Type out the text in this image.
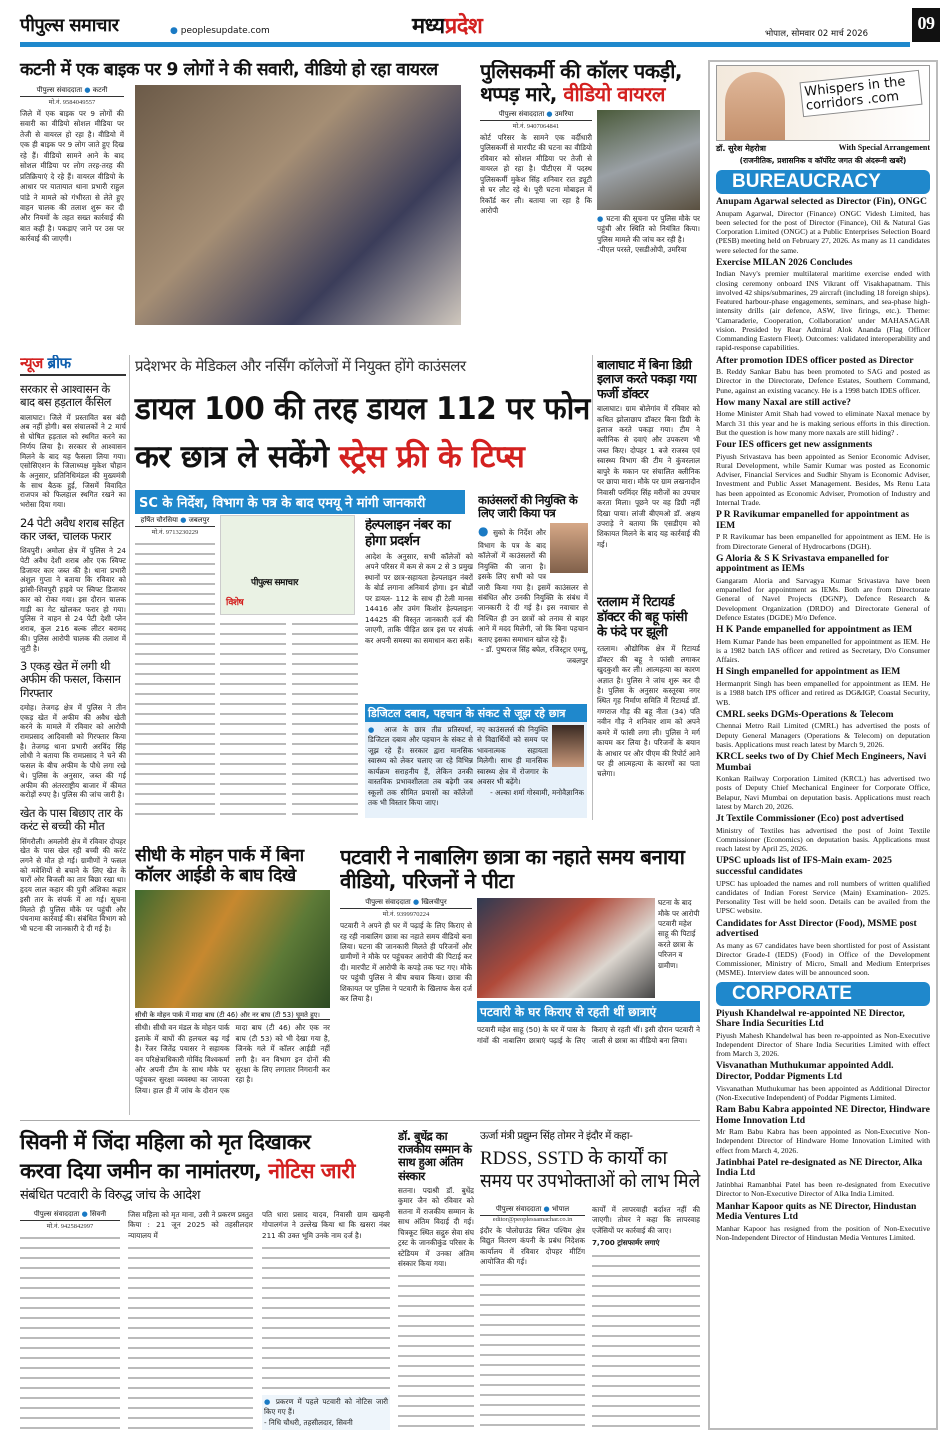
पीपुल्स समाचार	● peoplesupdate.com	मध्यप्रदेश	भोपाल, सोमवार 02 मार्च 2026
09
कटनी में एक बाइक पर 9 लोगों ने की सवारी, वीडियो हो रहा वायरल
पीपुल्स संवाददाता ● कटनी
मो.नं. 9584049557
जिले में एक बाइक पर 9 लोगों की सवारी का वीडियो सोशल मीडिया पर तेजी से वायरल हो रहा है। वीडियो में एक ही बाइक पर 9 लोग जाते हुए दिख रहे हैं। वीडियो सामने आने के बाद सोशल मीडिया पर लोग तरह-तरह की प्रतिक्रियाएं दे रहे हैं। वायरल वीडियो के आधार पर यातायात थाना प्रभारी राहुल पांडे ने मामले को गंभीरता से लेते हुए वाहन चालक की तलाश शुरू कर दी और नियमों के तहत सख्त कार्रवाई की बात कही है। पकड़ाए जाने पर उस पर कार्रवाई की जाएगी।
पुलिसकर्मी की कॉलर पकड़ी, थप्पड़ मारे, वीडियो वायरल
पीपुल्स संवाददाता ● उमरिया
मो.नं. 9407064841
कोर्ट परिसर के सामने एक वर्दीधारी पुलिसकर्मी से मारपीट की घटना का वीडियो रविवार को सोशल मीडिया पर तेजी से वायरल हो रहा है। पीटीएस में पदस्थ पुलिसकर्मी मुकेश सिंह शनिवार रात ड्यूटी से घर लौट रहे थे। पूरी घटना मोबाइल में रिकॉर्ड कर ली। बताया जा रहा है कि आरोपी
● घटना की सूचना पर पुलिस मौके पर पहुंची और स्थिति को नियंत्रित किया। पुलिस मामले की जांच कर रही है।
-पीएल परस्ते, एसडीओपी, उमरिया
Whispers in the corridors .com
डॉ. सुरेश मेहरोत्रा	With Special Arrangement
(राजनीतिक, प्रशासनिक व कॉर्पोरेट जगत की अंदरूनी खबरें)
BUREAUCRACY
Anupam Agarwal selected as Director (Fin), ONGC

Anupam Agarwal, Director (Finance) ONGC Videsh Limited, has been selected for the post of Director (Finance), Oil & Natural Gas Corporation Limited (ONGC) at a Public Enterprises Selection Board (PESB) meeting held on February 27, 2026. As many as 11 candidates were selected for the same.

Exercise MILAN 2026 Concludes

Indian Navy's premier multilateral maritime exercise ended with closing ceremony onboard INS Vikrant off Visakhapatnam. This involved 42 ships/submarines, 29 aircraft (including 18 foreign ships). Featured harbour-phase engagements, seminars, and sea-phase high-intensity drills (air defence, ASW, live firings, etc.). Theme: 'Camaraderie, Cooperation, Collaboration' under MAHASAGAR vision. Presided by Rear Admiral Alok Ananda (Flag Officer Commanding Eastern Fleet). Outcomes: validated interoperability and rapid-response capabilities.

After promotion IDES officer posted as Director

B. Reddy Sankar Babu has been promoted to SAG and posted as Director in the Directorate, Defence Estates, Southern Command, Pune, against an existing vacancy. He is a 1998 batch IDES officer.

How many Naxal are still active?

Home Minister Amit Shah had vowed to eliminate Naxal menace by March 31 this year and he is making serious efforts in this direction. But the question is how many more naxals are still hiding? .

Four IES officers get new assignments

Piyush Srivastava has been appointed as Senior Economic Adviser, Rural Development, while Samir Kumar was posted as Economic Adviser, Financial Services and Sudhir Shyam is Economic Adviser, Investment and Public Asset Management. Besides, Ms Renu Lata has been appointed as Economic Adviser, Promotion of Industry and Internal Trade.

P R Ravikumar empanelled for appointment as IEM

P R Ravikumar has been empanelled for appointment as IEM. He is from Directorate General of Hydrocarbons (DGH).

G Aloria & S K Srivastava empanelled for appointment as IEMs

Gangaram Aloria and Sarvagya Kumar Srivastava have been empanelled for appointment as IEMs. Both are from Directorate General of Navel Projects (DGNP), Defence Research & Development Organization (DRDO) and Directorate General of Defence Estates (DGDE) M/o Defence.

H K Pande empanelled for appointment as IEM

Hem Kumar Pande has been empanelled for appointment as IEM. He is a 1982 batch IAS officer and retired as Secretary, D/o Consumer Affairs.

H Singh empanelled for appointment as IEM

Hermanprit Singh has been empanelled for appointment as IEM. He is a 1988 batch IPS officer and retired as DG&IGP, Coastal Security, WB.

CMRL seeks DGMs-Operations & Telecom

Chennai Metro Rail Limited (CMRL) has advertised the posts of Deputy General Managers (Operations & Telecom) on deputation basis. Applications must reach latest by March 9, 2026.

KRCL seeks two of Dy Chief Mech Engineers, Navi Mumbai

Konkan Railway Corporation Limited (KRCL) has advertised two posts of Deputy Chief Mechanical Engineer for Corporate Office, Belapur, Navi Mumbai on deputation basis. Applications must reach latest by March 20, 2026.

Jt Textile Commissioner (Eco) post advertised

Ministry of Textiles has advertised the post of Joint Textile Commissioner (Economics) on deputation basis. Applications must reach latest by April 25, 2026.

UPSC uploads list of IFS-Main exam- 2025 successful candidates

UPSC has uploaded the names and roll numbers of written qualified candidates of Indian Forest Service (Main) Examination- 2025. Personality Test will be held soon. Details can be availed from the UPSC website.

Candidates for Asst Director (Food), MSME post advertised

As many as 67 candidates have been shortlisted for post of Assistant Director Grade-I (IEDS) (Food) in Office of the Development Commissioner, Ministry of Micro, Small and Medium Enterprises (MSME). Interview dates will be announced soon.

CORPORATE
Piyush Khandelwal re-appointed NE Director, Share India Securities Ltd

Piyush Mahesh Khandelwal has been re-appointed as Non-Executive Independent Director of Share India Securities Limited with effect from March 3, 2026.

Visvanathan Muthukumar appointed Addl. Director, Poddar Pigments Ltd

Visvanathan Muthukumar has been appointed as Additional Director (Non-Executive Independent) of Poddar Pigments Limited.

Ram Babu Kabra appointed NE Director, Hindware Home Innovation Ltd

Mr Ram Babu Kabra has been appointed as Non-Executive Non-Independent Director of Hindware Home Innovation Limited with effect from March 4, 2026.

Jatinbhai Patel re-designated as NE Director, Alka India Ltd

Jatinbhai Ramanbhai Patel has been re-designated from Executive Director to Non-Executive Director of Alka India Limited.

Manhar Kapoor quits as NE Director, Hindustan Media Ventures Ltd

Manhar Kapoor has resigned from the position of Non-Executive Non-Independent Director of Hindustan Media Ventures Limited.

न्यूज ब्रीफ
सरकार से आश्वासन के बाद बस हड़ताल कैंसिल
बालाघाट। जिले में प्रस्तावित बस बंदी अब नहीं होगी। बस संचालकों ने 2 मार्च से घोषित हड़ताल को स्थगित करने का निर्णय लिया है। सरकार से आश्वासन मिलने के बाद यह फैसला लिया गया। एसोसिएशन के जिलाध्यक्ष मुकेश चौहान के अनुसार, प्रतिनिधिमंडल की मुख्यमंत्री के साथ बैठक हुई, जिसमें विवादित राजपत्र को फिलहाल स्थगित रखने का भरोसा दिया गया।
24 पेटी अवैध शराब सहित कार जब्त, चालक फरार
शिवपुरी। अमोला क्षेत्र में पुलिस ने 24 पेटी अवैध देशी शराब और एक स्विफ्ट डिजायर कार जब्त की है। थाना प्रभारी अंशुल गुप्ता ने बताया कि रविवार को झांसी-शिवपुरी हाइवे पर स्विफ्ट डिजायर कार को रोका गया। इस दौरान चालक गाड़ी का गेट खोलकर फरार हो गया। पुलिस ने वाहन से 24 पेटी देशी प्लेन शराब, कुल 216 बल्क लीटर बरामद की। पुलिस आरोपी चालक की तलाश में जुटी है।
3 एकड़ खेत में लगी थी अफीम की फसल, किसान गिरफ्तार
दमोह। तेजगढ़ क्षेत्र में पुलिस ने तीन एकड़ खेत में अफीम की अवैध खेती करने के मामले में रविवार को आरोपी रामप्रसाद आदिवासी को गिरफ्तार किया है। तेजगढ़ थाना प्रभारी अरविंद सिंह लोधी ने बताया कि रामप्रसाद ने चने की फसल के बीच अफीम के पौधे लगा रखे थे। पुलिस के अनुसार, जब्त की गई अफीम की अंतरराष्ट्रीय बाजार में कीमत करोड़ों रुपए है। पुलिस की जांच जारी है।
खेत के पास बिछाए तार के करंट से बच्ची की मौत
सिंगरौली। अमलोरी क्षेत्र में रविवार दोपहर खेत के पास खेल रही बच्ची की करंट लगने से मौत हो गई। ग्रामीणों ने फसल को मवेशियों से बचाने के लिए खेत के चारों ओर बिजली का तार बिछा रखा था। हृदय लाल कहार की पुत्री अंशिका कहार इसी तार के संपर्क में आ गई। सूचना मिलते ही पुलिस मौके पर पहुंची और पंचनामा कार्रवाई की। संबंधित विभाग को भी घटना की जानकारी दे दी गई है।
प्रदेशभर के मेडिकल और नर्सिंग कॉलेजों में नियुक्त होंगे काउंसलर
डायल 100 की तरह डायल 112 पर फोन
कर छात्र ले सकेंगे स्ट्रेस फ्री के टिप्स
SC के निर्देश, विभाग के पत्र के बाद एमयू ने मांगी जानकारी
हर्षित चौरसिया ● जबलपुर
मो.नं. 9713230229
पीपुल्स समाचार
विशेष
हेल्पलाइन नंबर का होगा प्रदर्शन
आदेश के अनुसार, सभी कॉलेजों को अपने परिसर में कम से कम 2 से 3 प्रमुख स्थानों पर छात्र-सहायता हेल्पलाइन नंबरों के बोर्ड लगाना अनिवार्य होगा। इन बोर्डों पर डायल- 112 के साथ ही टेली मानस 14416 और उमंग किशोर हेल्पलाइनः 14425 की विस्तृत जानकारी दर्ज की जाएगी, ताकि पीड़ित छात्र इस पर संपर्क कर अपनी समस्या का समाधान करा सकें।
काउंसलरों की नियुक्ति के लिए जारी किया पत्र
● सुको के निर्देश और विभाग के पत्र के बाद कॉलेजों में काउंसलरों की नियुक्ति की जाना है। इसके लिए सभी को पत्र जारी किया गया है। इसमें काउंसलर से संबंधित और उनकी नियुक्ति के संबंध में जानकारी दे दी गई है। इस नवाचार से निश्चित ही उन छात्रों को तनाव से बाहर आने में मदद मिलेगी, जो कि बिना पहचान बताए इसका समाधान खोज रहे हैं।
- डॉ. पुष्पराज सिंह बघेल, रजिस्ट्रार एमयू, जबलपुर
डिजिटल दबाव, पहचान के संकट से जूझ रहे छात्र
● आज के छात्र तीव्र प्रतिस्पर्धा, डिजिटल दबाव और पहचान के संकट से जूझ रहे हैं। सरकार द्वारा मानसिक स्वास्थ्य को लेकर चलाए जा रहे विभिन्न कार्यक्रम सराहनीय हैं, लेकिन उनकी वास्तविक प्रभावशीलता तब बढ़ेगी जब स्कूलों तक सीमित प्रयासों का कॉलेजों तक भी विस्तार किया जाए।
नए काउंसलर्स की नियुक्ति से विद्यार्थियों को समय पर भावनात्मक सहायता मिलेगी। साथ ही मानसिक स्वास्थ्य क्षेत्र में रोजगार के अवसर भी बढ़ेंगे।
- अल्का शर्मा गोस्वामी, मनोवैज्ञानिक
बालाघाट में बिना डिग्री इलाज करते पकड़ा गया फर्जी डॉक्टर
बालाघाट। ग्राम बोलेगांव में रविवार को कथित झोलाछाप डॉक्टर बिना डिग्री के इलाज करते पकड़ा गया। टीम ने क्लीनिक से दवाएं और उपकरण भी जब्त किए। दोपहर 1 बजे राजस्व एवं स्वास्थ्य विभाग की टीम ने कुंवरलाल बापुरे के मकान पर संचालित क्लीनिक पर छापा मारा। मौके पर ग्राम लखनादौन निवासी परमिंदर सिंह मरीजों का उपचार करता मिला। पूछने पर वह डिग्री नहीं दिखा पाया। लांजी बीएमओ डॉ. अक्षय उपराड़े ने बताया कि एसडीएम को शिकायत मिलने के बाद यह कार्रवाई की गई।
रतलाम में रिटायर्ड डॉक्टर की बहू फांसी के फंदे पर झूली
रतलाम। औद्योगिक क्षेत्र में रिटायर्ड डॉक्टर की बहू ने फांसी लगाकर खुदकुशी कर ली। आत्महत्या का कारण अज्ञात है। पुलिस ने जांच शुरू कर दी है। पुलिस के अनुसार कस्तूरबा नगर स्थित गृह निर्माण समिति में रिटायर्ड डॉ. गणराज गौड़ की बहू नीता (34) पति नवीन गौड़ ने शनिवार शाम को अपने कमरे में फांसी लगा ली। पुलिस ने मर्ग कायम कर लिया है। परिजनों के बयान के आधार पर और पीएम की रिपोर्ट आने पर ही आत्महत्या के कारणों का पता चलेगा।
सीधी के मोहन पार्क में बिना कॉलर आईडी के बाघ दिखे
सीधी के मोहन पार्क में मादा बाघ (टी 46) और नर बाघ (टी 53) घूमते हुए।
सीधी। सीधी वन मंडल के मोहन पार्क इलाके में बाघों की हलचल बढ़ गई है। रेंजर जितेंद्र पयासर ने सहायक वन परिक्षेत्राधिकारी गोविंद विश्वकर्मा और अपनी टीम के साथ मौके पर पहुंचकर सुरक्षा व्यवस्था का जायजा लिया। हाल ही में जांच के दौरान एक मादा बाघ (टी 46) और एक नर बाघ (टी 53) को भी देखा गया है, जिनके गले में कॉलर आईडी नहीं लगी है। वन विभाग इन दोनों की सुरक्षा के लिए लगातार निगरानी कर रहा है।
पटवारी ने नाबालिग छात्रा का नहाते समय बनाया वीडियो, परिजनों ने पीटा
पीपुल्स संवाददाता ● खिलचीपुर
मो.नं. 9399970224
पटवारी ने अपने ही घर में पढ़ाई के लिए किराए से रह रही नाबालिग छात्रा का नहाते समय वीडियो बना लिया। घटना की जानकारी मिलते ही परिजनों और ग्रामीणों ने मौके पर पहुंचकर आरोपी की पिटाई कर दी। मारपीट में आरोपी के कपड़े तक फट गए। मौके पर पहुंची पुलिस ने बीच बचाव किया। छात्रा की शिकायत पर पुलिस ने पटवारी के खिलाफ केस दर्ज कर लिया है।
घटना के बाद मौके पर आरोपी पटवारी महेश साहू की पिटाई करते छात्रा के परिजन व ग्रामीण।
पटवारी के घर किराए से रहती थीं छात्राएं
पटवारी महेश साहू (50) के घर में पास के गांवों की नाबालिग छात्राएं पढ़ाई के लिए किराए से रहती थीं। इसी दौरान पटवारी ने जाली से छात्रा का वीडियो बना लिया।
सिवनी में जिंदा महिला को मृत दिखाकर
करवा दिया जमीन का नामांतरण, नोटिस जारी
संबंधित पटवारी के विरुद्ध जांच के आदेश
पीपुल्स संवाददाता ● सिवनी
मो.नं. 9425842997
जिस महिला को मृत माना, उसी ने प्रकरण प्रस्तुत किया : 21 जून 2025 को तहसीलदार न्यायालय में
पति धारा प्रसाद यादव, निवासी ग्राम खम्हनी गोपालगंज ने उल्लेख किया था कि खसरा नंबर 211 की उक्त भूमि उनके नाम दर्ज है।
● प्रकरण में पहले पटवारी को नोटिस जारी किए गए हैं।
- निधि चौधरी, तहसीलदार, सिवनी
डॉ. बुधेंद्र का राजकीय सम्मान के साथ हुआ अंतिम संस्कार
सतना। पद्मश्री डॉ. बुधेंद्र कुमार जैन को रविवार को सतना में राजकीय सम्मान के साथ अंतिम विदाई दी गई। चित्रकूट स्थित सद्गुरु सेवा संघ ट्रस्ट के जानकीकुंड परिसर के स्टेडियम में उनका अंतिम संस्कार किया गया।
ऊर्जा मंत्री प्रद्युम्न सिंह तोमर ने इंदौर में कहा-
RDSS, SSTD के कार्यों का
समय पर उपभोक्ताओं को लाभ मिले
पीपुल्स संवाददाता ● भोपाल
editor@peoplessamachar.co.in
इंदौर के पोलोग्राउंड स्थित पश्चिम क्षेत्र विद्युत वितरण कंपनी के प्रबंध निदेशक कार्यालय में रविवार दोपहर मीटिंग आयोजित की गई।
कार्यों में लापरवाही बर्दाश्त नहीं की जाएगी। तोमर ने कहा कि लापरवाह एजेंसियों पर कार्रवाई की जाए।
7,700 ट्रांसफार्मर लगाएं
